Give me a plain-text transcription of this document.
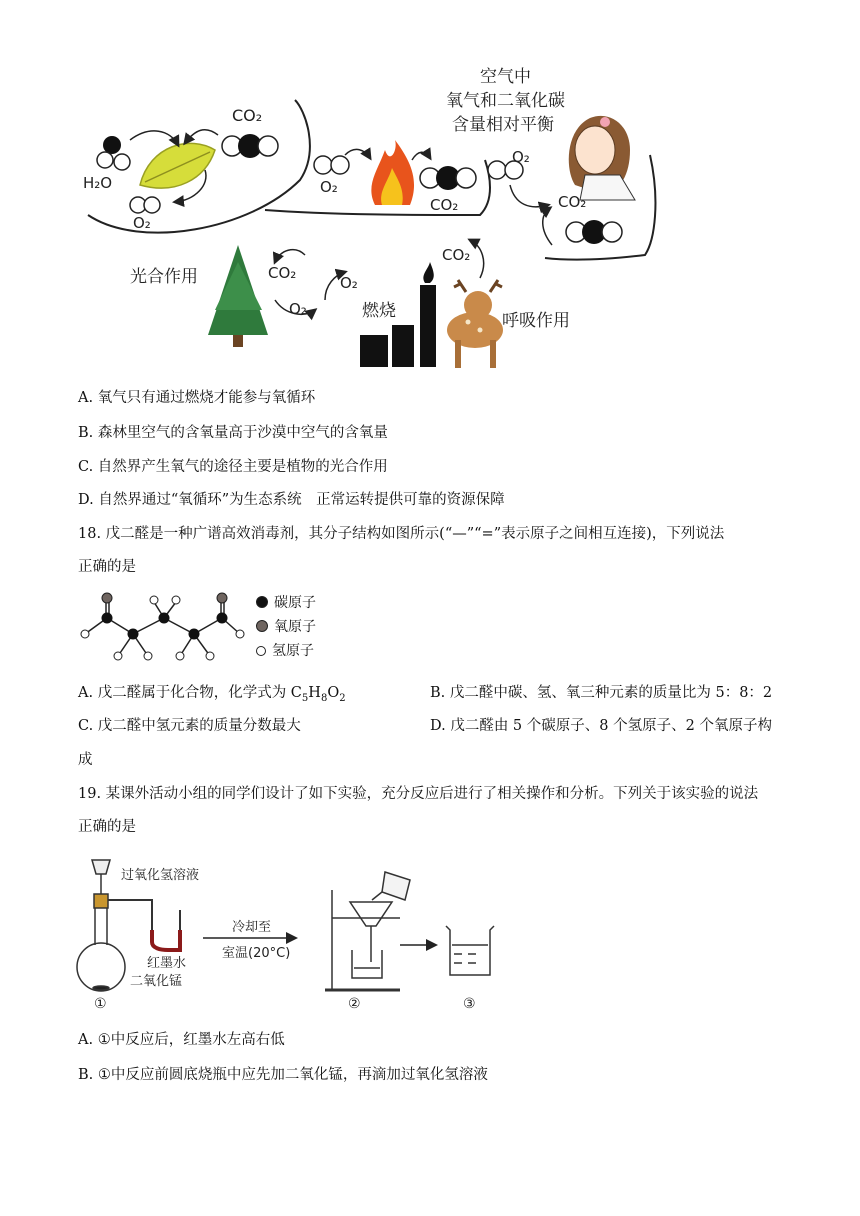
空气中
氧气和二氧化碳
含量相对平衡
H₂O
CO₂
O₂
O₂
CO₂
O₂
CO₂
光合作用	CO₂
O₂
O₂
燃烧
CO₂
呼吸作用
A. 氧气只有通过燃烧才能参与氧循环
B. 森林里空气的含氧量高于沙漠中空气的含氧量
C. 自然界产生氧气的途径主要是植物的光合作用
D. 自然界通过“氧循环”为生态系统　正常运转提供可靠的资源保障
18. 戊二醛是一种广谱高效消毒剂，其分子结构如图所示(“—”“=”表示原子之间相互连接)，下列说法
正确的是
碳原子
氧原子
氢原子
A. 戊二醛属于化合物，化学式为 $C_5H_8O_2$	B. 戊二醛中碳、氢、氧三种元素的质量比为 5：8：2
C. 戊二醛中氢元素的质量分数最大	D. 戊二醛由 5 个碳原子、8 个氢原子、2 个氧原子构
成
19. 某课外活动小组的同学们设计了如下实验，充分反应后进行了相关操作和分析。下列关于该实验的说法
正确的是
过氧化氢溶液
红墨水
二氧化锰
冷却至
室温(20°C)
①	②	③
A. ①中反应后，红墨水左高右低
B. ①中反应前圆底烧瓶中应先加二氧化锰，再滴加过氧化氢溶液
